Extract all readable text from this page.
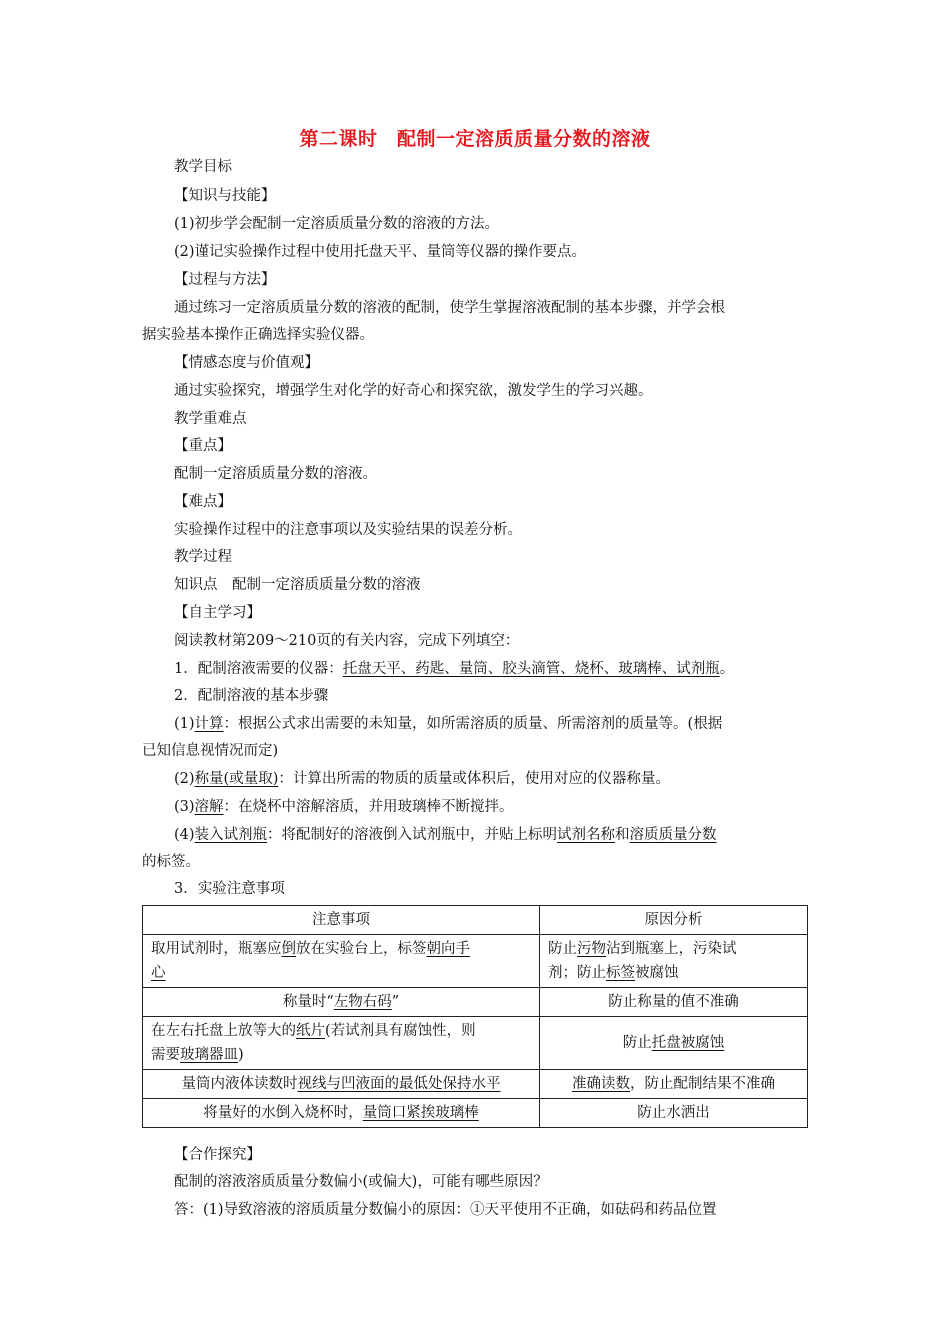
第二课时　配制一定溶质质量分数的溶液
教学目标
【知识与技能】
(1)初步学会配制一定溶质质量分数的溶液的方法。
(2)谨记实验操作过程中使用托盘天平、量筒等仪器的操作要点。
【过程与方法】
通过练习一定溶质质量分数的溶液的配制，使学生掌握溶液配制的基本步骤，并学会根
据实验基本操作正确选择实验仪器。
【情感态度与价值观】
通过实验探究，增强学生对化学的好奇心和探究欲，激发学生的学习兴趣。
教学重难点
【重点】
配制一定溶质质量分数的溶液。
【难点】
实验操作过程中的注意事项以及实验结果的误差分析。
教学过程
知识点　配制一定溶质质量分数的溶液
【自主学习】
阅读教材第209～210页的有关内容，完成下列填空：
1．配制溶液需要的仪器：托盘天平、药匙、量筒、胶头滴管、烧杯、玻璃棒、试剂瓶。
2．配制溶液的基本步骤
(1)计算：根据公式求出需要的未知量，如所需溶质的质量、所需溶剂的质量等。(根据
已知信息视情况而定)
(2)称量(或量取)：计算出所需的物质的质量或体积后，使用对应的仪器称量。
(3)溶解：在烧杯中溶解溶质，并用玻璃棒不断搅拌。
(4)装入试剂瓶：将配制好的溶液倒入试剂瓶中，并贴上标明试剂名称和溶质质量分数
的标签。
3．实验注意事项
注意事项	原因分析
取用试剂时，瓶塞应倒放在实验台上，标签朝向手
心	防止污物沾到瓶塞上，污染试
剂；防止标签被腐蚀
称量时“左物右码”	防止称量的值不准确
在左右托盘上放等大的纸片(若试剂具有腐蚀性，则
需要玻璃器皿)	防止托盘被腐蚀
量筒内液体读数时视线与凹液面的最低处保持水平	准确读数，防止配制结果不准确
将量好的水倒入烧杯时，量筒口紧挨玻璃棒	防止水洒出
【合作探究】
配制的溶液溶质质量分数偏小(或偏大)，可能有哪些原因？
答：(1)导致溶液的溶质质量分数偏小的原因：①天平使用不正确，如砝码和药品位置
